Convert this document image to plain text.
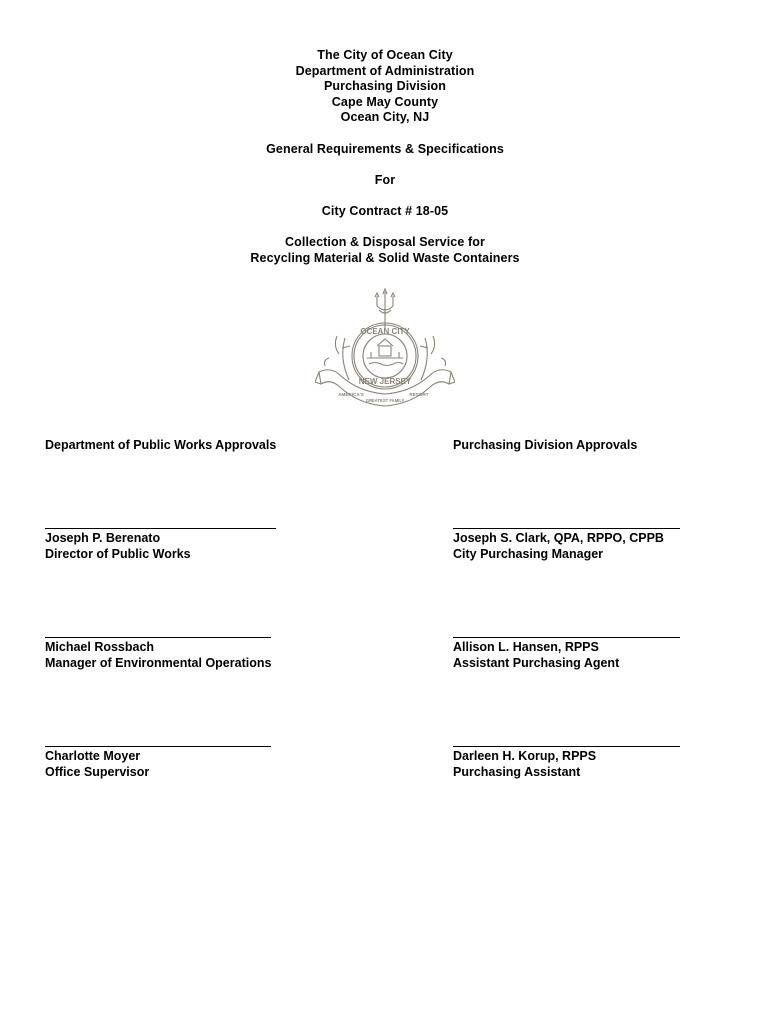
The City of Ocean City
Department of Administration
Purchasing Division
Cape May County
Ocean City, NJ
General Requirements & Specifications
For
City Contract # 18-05
Collection & Disposal Service for
Recycling Material & Solid Waste Containers
OCEAN CITY
NEW JERSEY
AMERICA'S
GREATEST FAMILY
RESORT
Department of Public Works Approvals	Purchasing Division Approvals
Joseph P. Berenato
Director of Public Works
Michael Rossbach
Manager of Environmental Operations
Charlotte Moyer
Office Supervisor
Joseph S. Clark, QPA, RPPO, CPPB
City Purchasing Manager
Allison L. Hansen, RPPS
Assistant Purchasing Agent
Darleen H. Korup, RPPS
Purchasing Assistant
